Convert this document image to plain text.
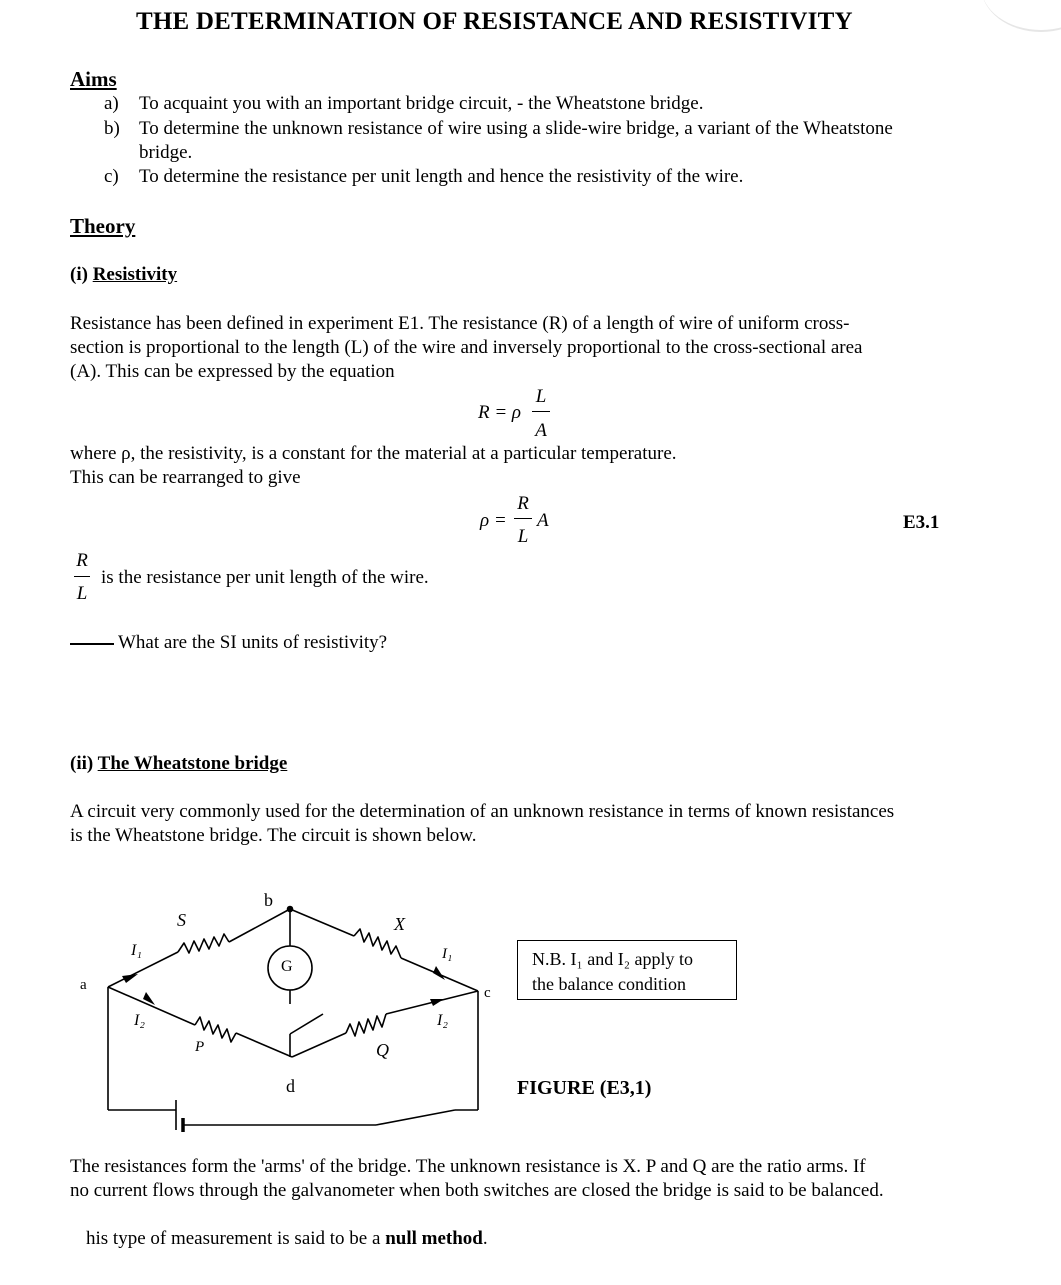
THE DETERMINATION OF RESISTANCE AND RESISTIVITY
Aims
a) To acquaint you with an important bridge circuit, - the Wheatstone bridge.
b) To determine the unknown resistance of wire using a slide-wire bridge, a variant of the Wheatstone
bridge.
c) To determine the resistance per unit length and hence the resistivity of the wire.
Theory
(i) Resistivity
Resistance has been defined in experiment E1. The resistance (R) of a length of wire of uniform cross-
section is proportional to the length (L) of the wire and inversely proportional to the cross-sectional area
(A). This can be expressed by the equation
R = ρ
L
A
where ρ, the resistivity, is a constant for the material at a particular temperature.
This can be rearranged to give
ρ =
R
L
A	E3.1
R
L
is the resistance per unit length of the wire.
What are the SI units of resistivity?
(ii) The Wheatstone bridge
A circuit very commonly used for the determination of an unknown resistance in terms of known resistances
is the Wheatstone bridge. The circuit is shown below.
a
b
c
d
S	X
P	Q
G
I₁
I₂
I₁
I₂
N.B. I₁ and I₂ apply to
the balance condition
FIGURE (E3,1)
The resistances form the 'arms' of the bridge. The unknown resistance is X. P and Q are the ratio arms. If
no current flows through the galvanometer when both switches are closed the bridge is said to be balanced.
his type of measurement is said to be a null method.
